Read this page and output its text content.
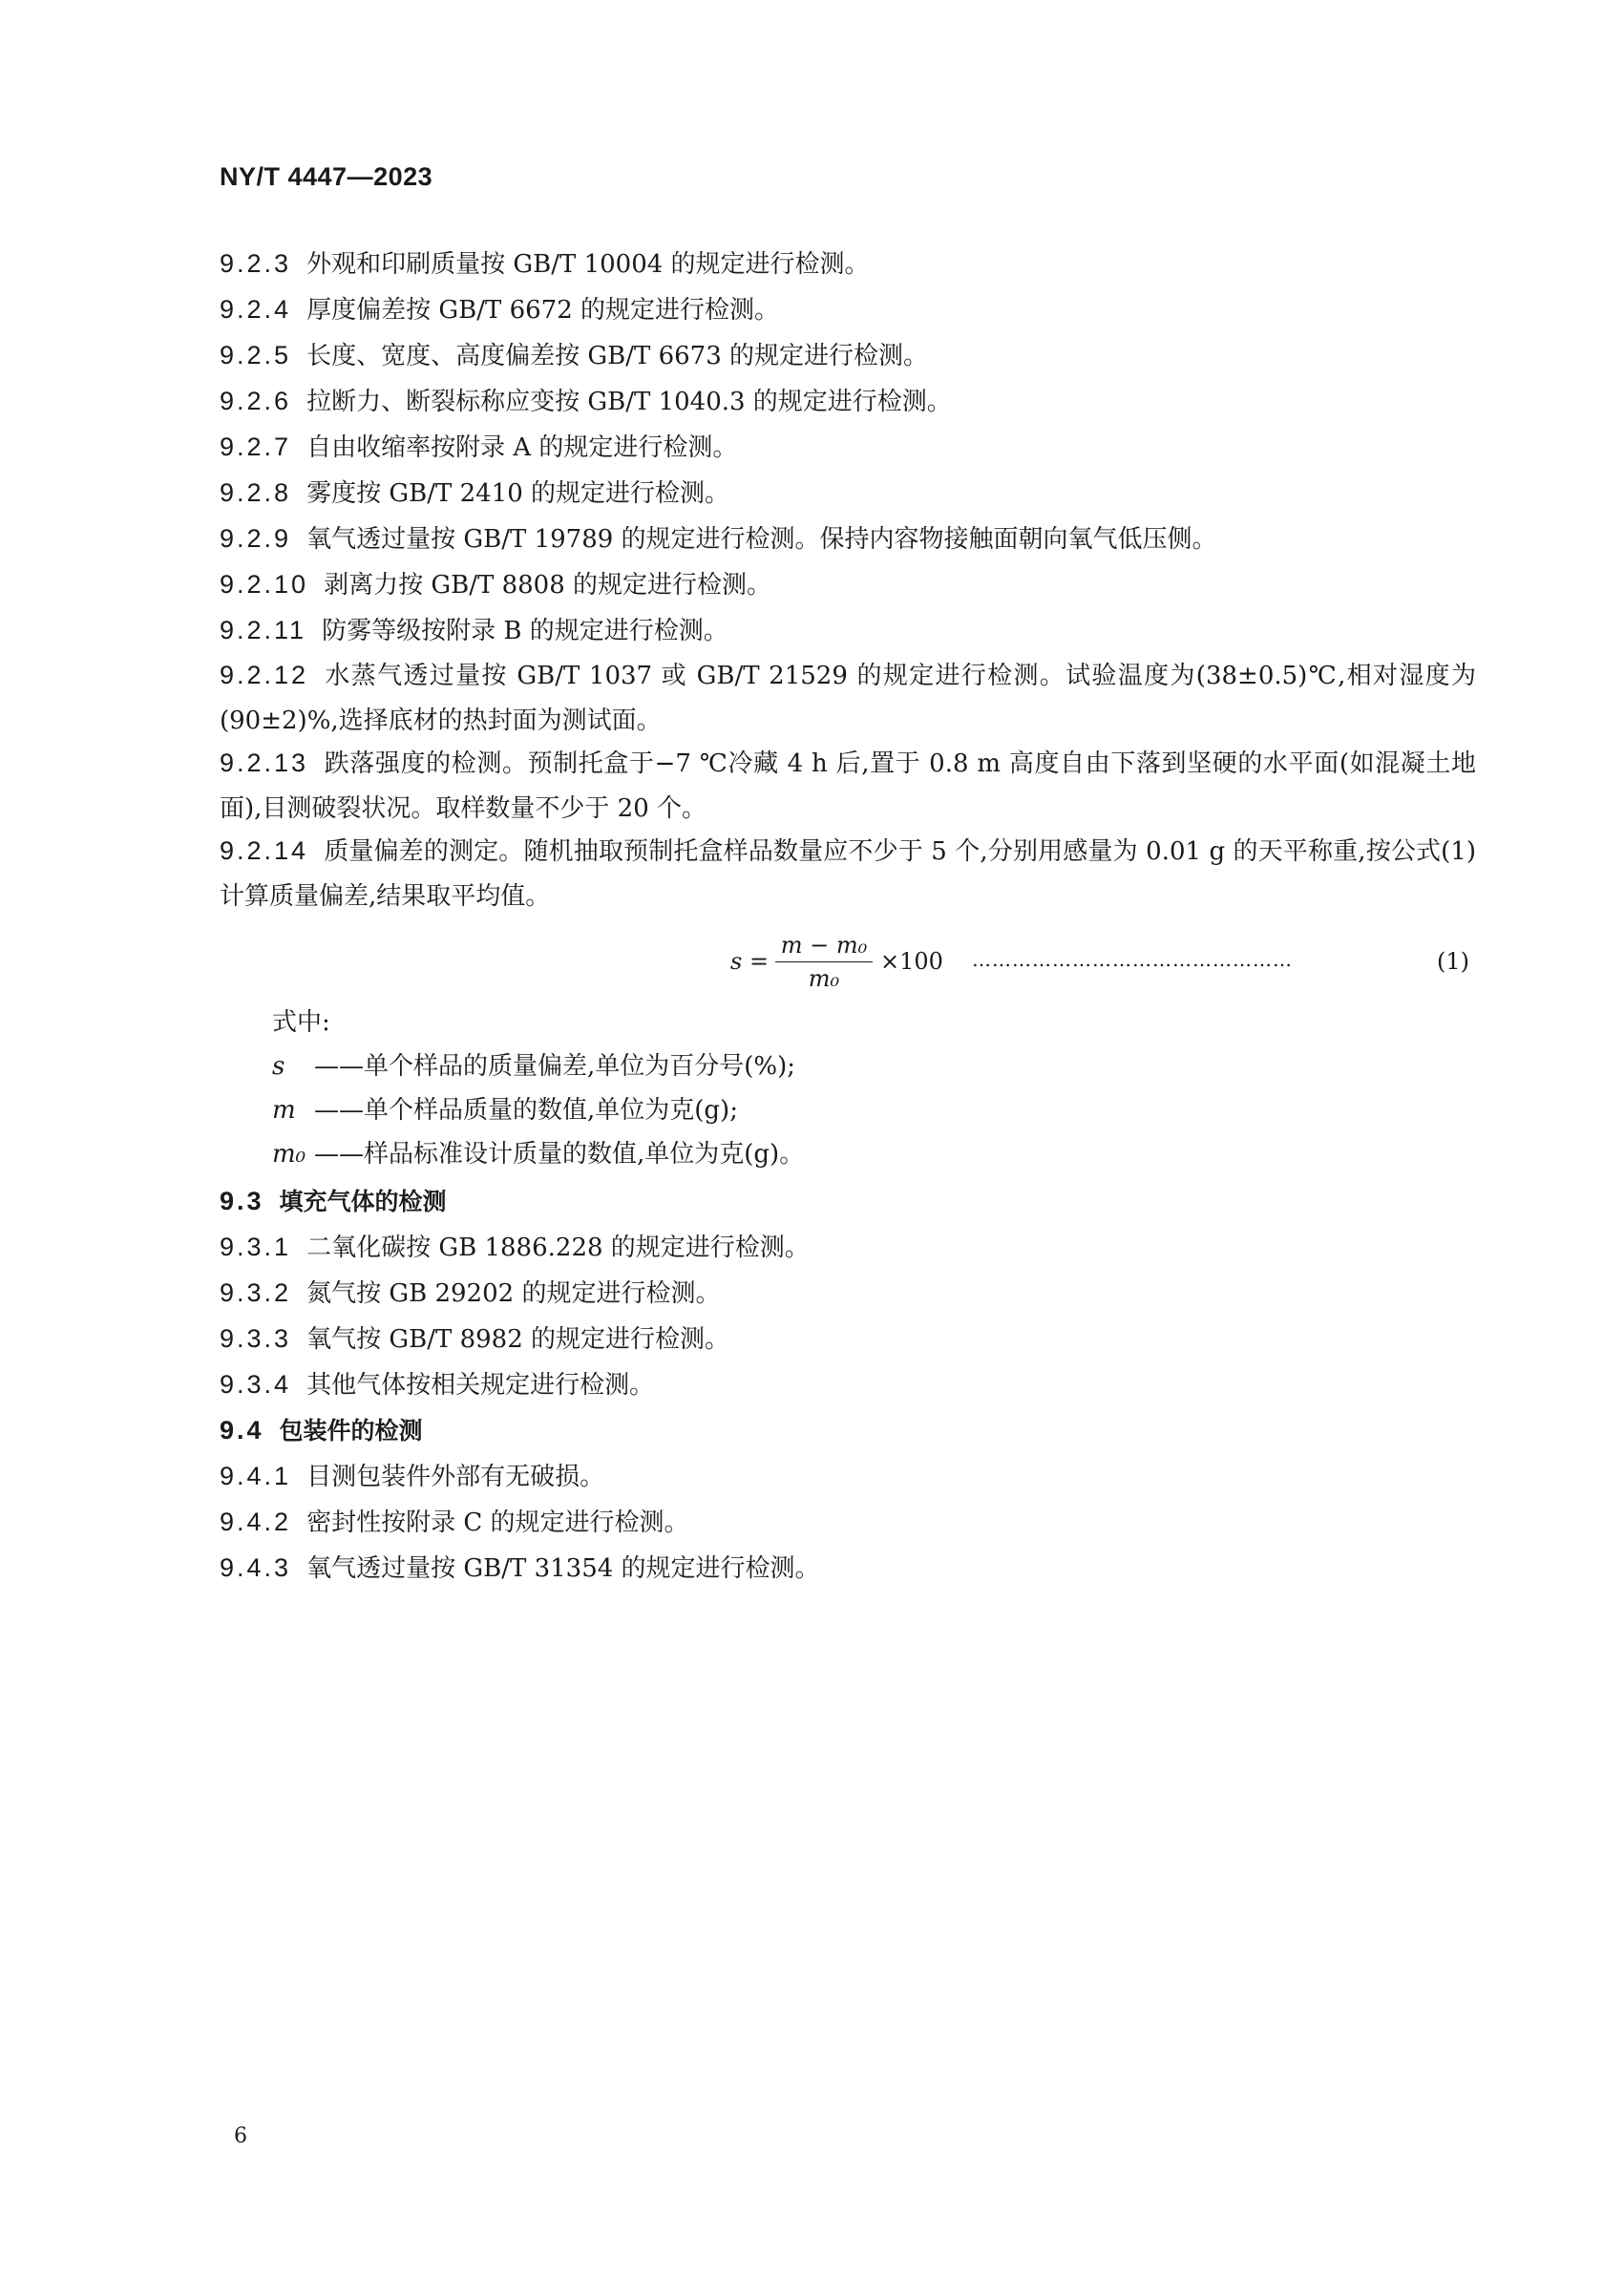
NY/T 4447—2023
9.2.3 外观和印刷质量按 GB/T 10004 的规定进行检测。
9.2.4 厚度偏差按 GB/T 6672 的规定进行检测。
9.2.5 长度、宽度、高度偏差按 GB/T 6673 的规定进行检测。
9.2.6 拉断力、断裂标称应变按 GB/T 1040.3 的规定进行检测。
9.2.7 自由收缩率按附录 A 的规定进行检测。
9.2.8 雾度按 GB/T 2410 的规定进行检测。
9.2.9 氧气透过量按 GB/T 19789 的规定进行检测。保持内容物接触面朝向氧气低压侧。
9.2.10 剥离力按 GB/T 8808 的规定进行检测。
9.2.11 防雾等级按附录 B 的规定进行检测。
9.2.12 水蒸气透过量按 GB/T 1037 或 GB/T 21529 的规定进行检测。试验温度为(38±0.5)℃,相对湿度为(90±2)%,选择底材的热封面为测试面。
9.2.13 跌落强度的检测。预制托盒于−7 ℃冷藏 4 h 后,置于 0.8 m 高度自由下落到坚硬的水平面(如混凝土地面),目测破裂状况。取样数量不少于 20 个。
9.2.14 质量偏差的测定。随机抽取预制托盒样品数量应不少于 5 个,分别用感量为 0.01 g 的天平称重,按公式(1)计算质量偏差,结果取平均值。
s =
m − m₀
m₀
×100 …………………………………………	(1)
式中:
s ——单个样品的质量偏差,单位为百分号(%);
m ——单个样品质量的数值,单位为克(g);
m₀ ——样品标准设计质量的数值,单位为克(g)。
9.3 填充气体的检测
9.3.1 二氧化碳按 GB 1886.228 的规定进行检测。
9.3.2 氮气按 GB 29202 的规定进行检测。
9.3.3 氧气按 GB/T 8982 的规定进行检测。
9.3.4 其他气体按相关规定进行检测。
9.4 包装件的检测
9.4.1 目测包装件外部有无破损。
9.4.2 密封性按附录 C 的规定进行检测。
9.4.3 氧气透过量按 GB/T 31354 的规定进行检测。
6
